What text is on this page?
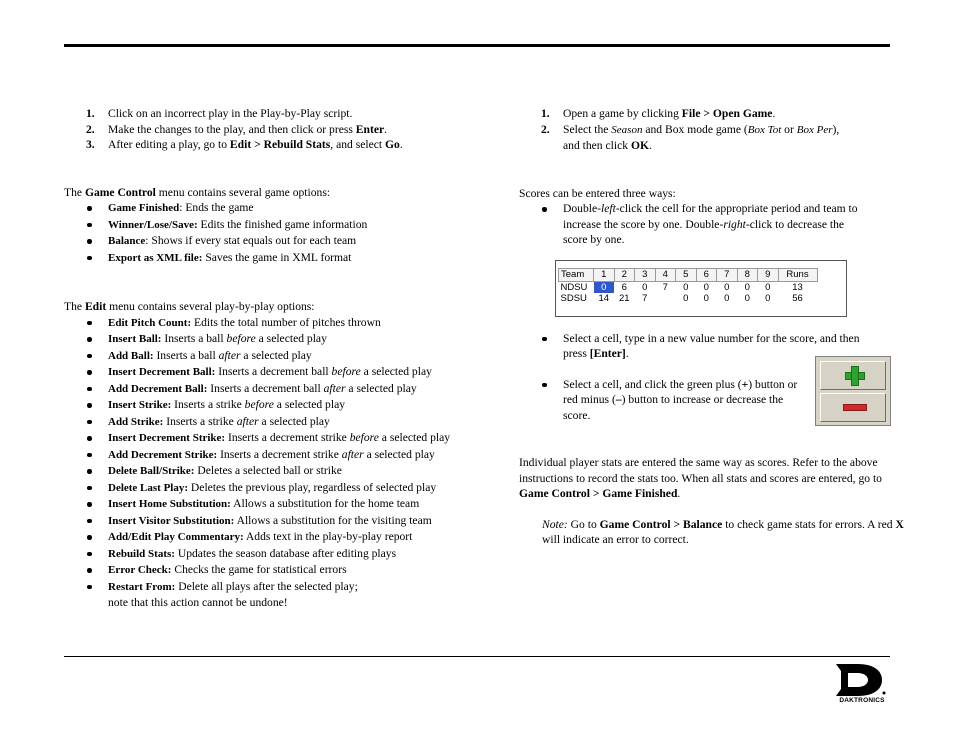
1. Click on an incorrect play in the Play-by-Play script.
2. Make the changes to the play, and then click or press Enter.
3. After editing a play, go to Edit > Rebuild Stats, and select Go.

The Game Control menu contains several game options:

Game Finished: Ends the game
Winner/Lose/Save: Edits the finished game information
Balance: Shows if every stat equals out for each team
Export as XML file: Saves the game in XML format

The Edit menu contains several play-by-play options:

Edit Pitch Count: Edits the total number of pitches thrown
Insert Ball: Inserts a ball before a selected play
Add Ball: Inserts a ball after a selected play
Insert Decrement Ball: Inserts a decrement ball before a selected play
Add Decrement Ball: Inserts a decrement ball after a selected play
Insert Strike: Inserts a strike before a selected play
Add Strike: Inserts a strike after a selected play
Insert Decrement Strike: Inserts a decrement strike before a selected play
Add Decrement Strike: Inserts a decrement strike after a selected play
Delete Ball/Strike: Deletes a selected ball or strike
Delete Last Play: Deletes the previous play, regardless of selected play
Insert Home Substitution: Allows a substitution for the home team
Insert Visitor Substitution: Allows a substitution for the visiting team
Add/Edit Play Commentary: Adds text in the play-by-play report
Rebuild Stats: Updates the season database after editing plays
Error Check: Checks the game for statistical errors
Restart From: Delete all plays after the selected play;
note that this action cannot be undone!
1. Open a game by clicking File > Open Game.
2. Select the Season and Box mode game (Box Tot or Box Per),
and then click OK.

Scores can be entered three ways:

Double-left-click the cell for the appropriate period and team to increase the score by one. Double-right-click to decrease the score by one.
Select a cell, type in a new value number for the score, and then press [Enter].
Select a cell, and click the green plus (+) button or red minus (–) button to increase or decrease the score.

Individual player stats are entered the same way as scores. Refer to the above instructions to record the stats too. When all stats and scores are entered, go to Game Control > Game Finished.

Note: Go to Game Control > Balance to check game stats for errors. A red X will indicate an error to correct.

Team	1	2	3	4	5	6	7	8	9	Runs
NDSU	0	6	0	7	0	0	0	0	0	13
SDSU	14	21	7		0	0	0	0	0	56
DAKTRONICS
